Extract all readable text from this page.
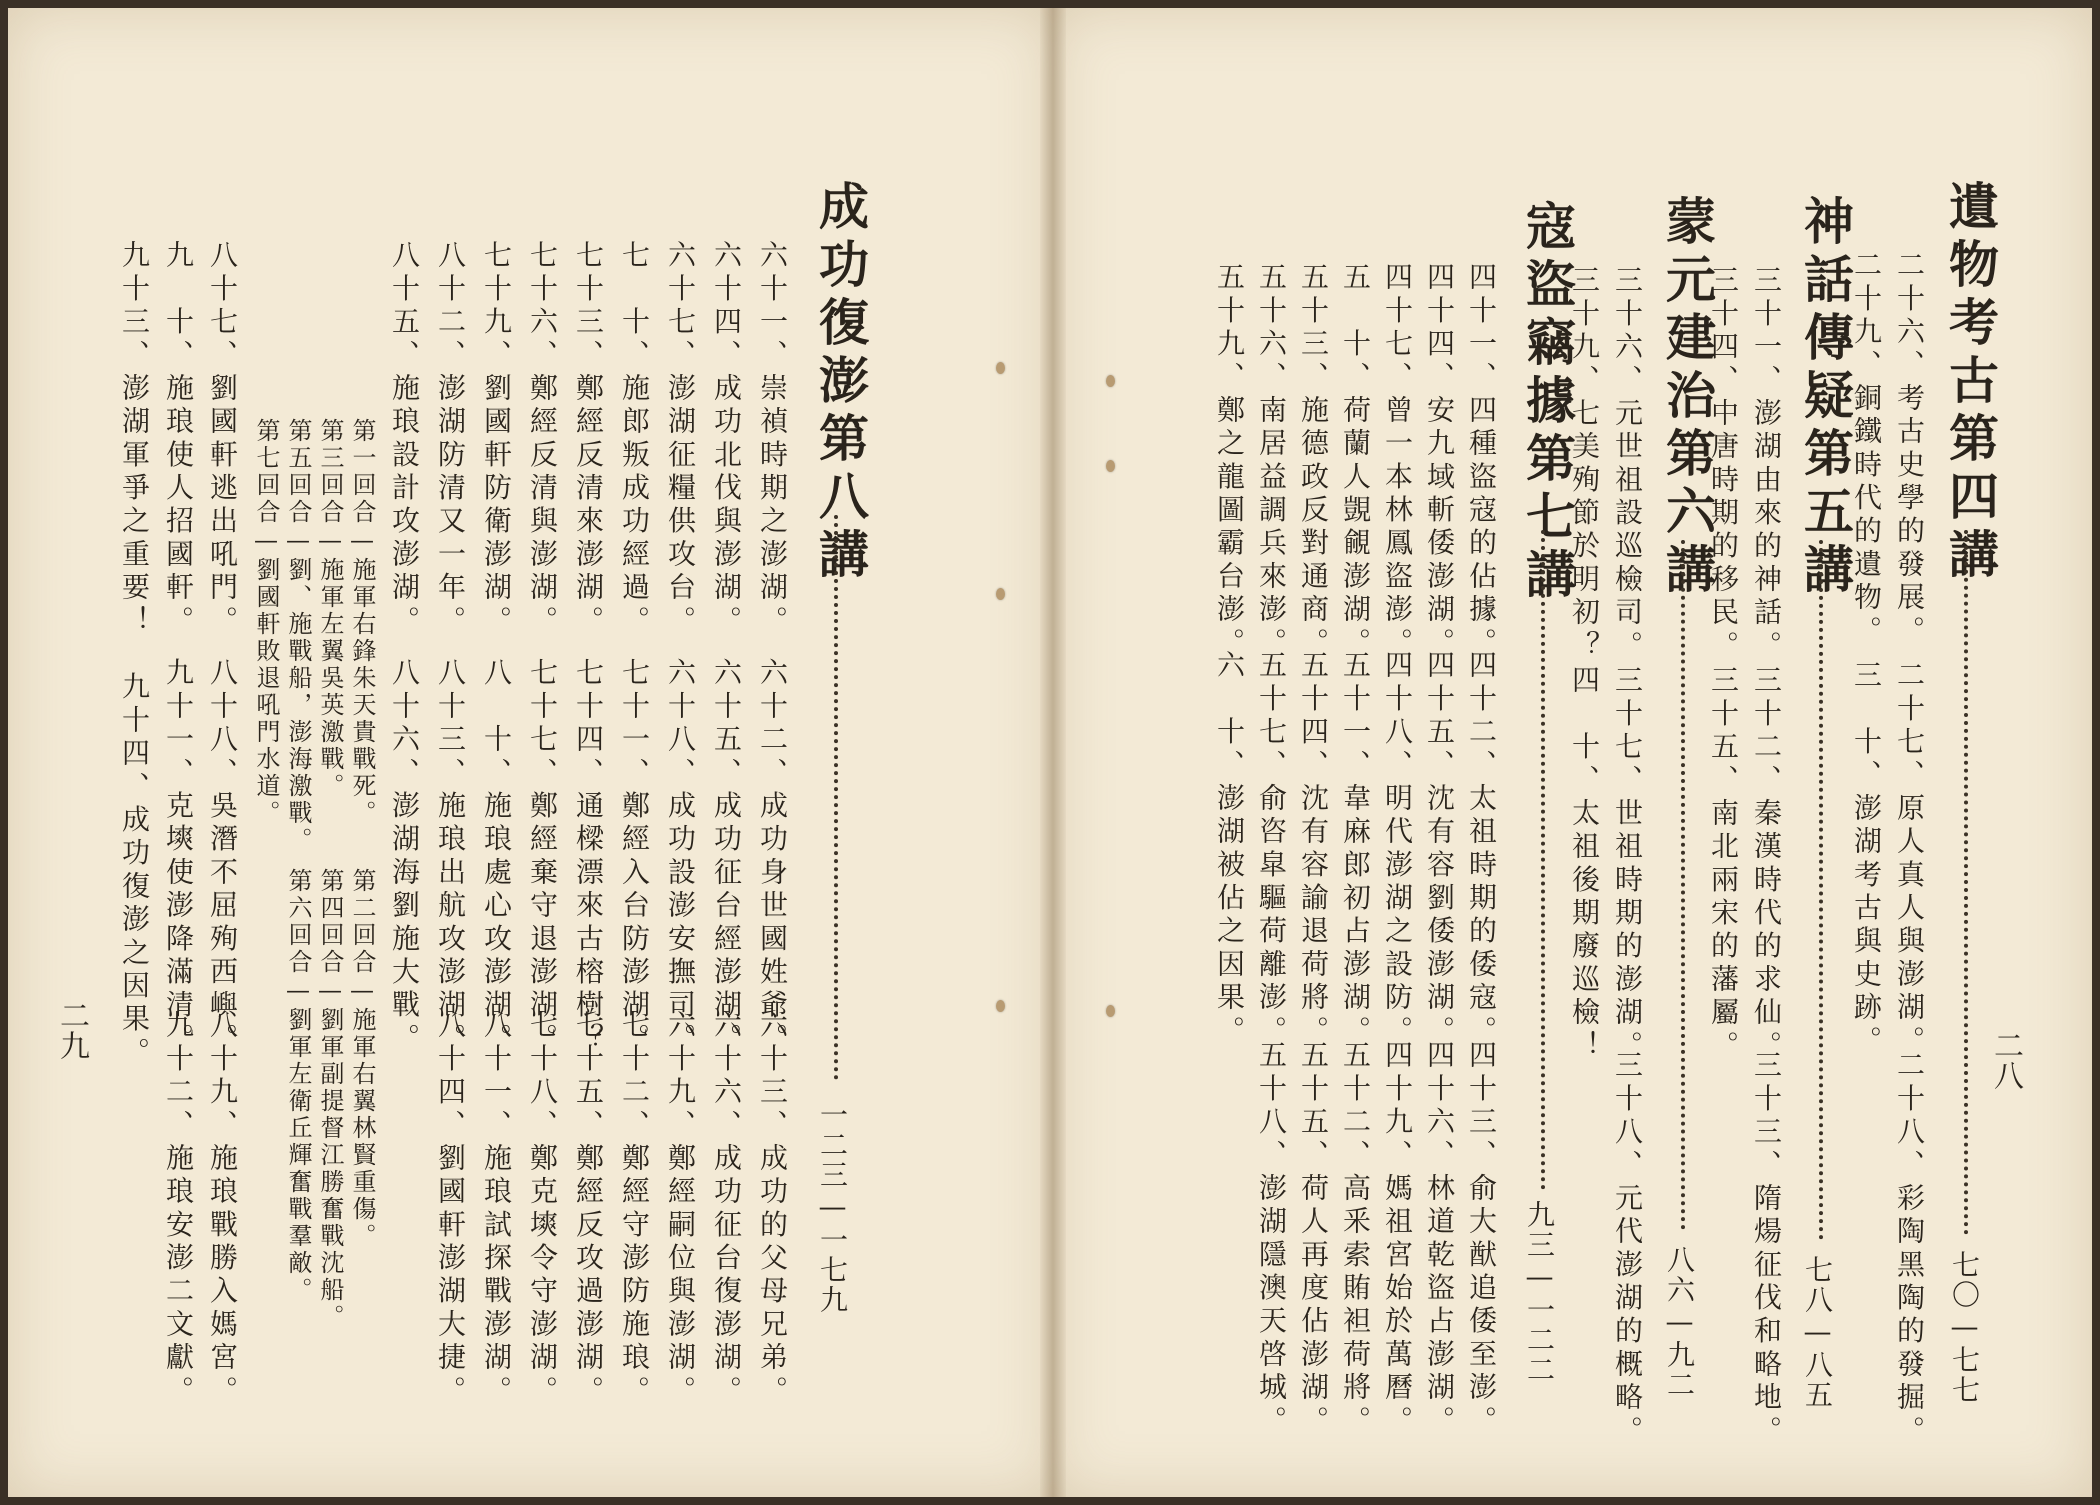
成功復澎第八講
一二三—一七九
六十一、崇禎時期之澎湖。　六十二、成功身世國姓爺。
六十四、成功北伐與澎湖。　六十五、成功征台經澎湖。
六十七、澎湖征糧供攻台。　六十八、成功設澎安撫司。
七　十、施郎叛成功經過。　七十一、鄭經入台防澎湖。
七十三、鄭經反清來澎湖。　七十四、通樑漂來古榕樹？
七十六、鄭經反清與澎湖。　七十七、鄭經棄守退澎湖。
七十九、劉國軒防衛澎湖。　八　十、施琅處心攻澎湖。
八十二、澎湖防清又一年。　八十三、施琅出航攻澎湖。
八十五、施琅設計攻澎湖。　八十六、澎湖海劉施大戰。
六十三、成功的父母兄弟。
六十六、成功征台復澎湖。
六十九、鄭經嗣位與澎湖。
七十二、鄭經守澎防施琅。
七十五、鄭經反攻過澎湖。
七十八、鄭克塽令守澎湖。
八十一、施琅試探戰澎湖。
八十四、劉國軒澎湖大捷。
第一回合—施軍右鋒朱天貴戰死。
第三回合—施軍左翼吳英激戰。
第五回合—劉、施戰船，澎海激戰。
第七回合—劉國軒敗退吼門水道。
第二回合—施軍右翼林賢重傷。
第四回合—劉軍副提督江勝奮戰沈船。
第六回合—劉軍左衛丘輝奮戰羣敵。
八十七、劉國軒逃出吼門。　八十八、吳潛不屈殉西嶼。
九　十、施琅使人招國軒。　九十一、克塽使澎降滿清。
九十三、澎湖軍爭之重要！　九十四、成功復澎之因果。
八十九、施琅戰勝入媽宮。
九十二、施琅安澎二文獻。
二九
遺物考古第四講
七〇—七七
二十六、考古史學的發展。
二十九、銅鐵時代的遺物。
二十七、原人真人與澎湖。
三　十、澎湖考古與史跡。
二十八、彩陶黑陶的發掘。
神話傳疑第五講
七八—八五
三十一、澎湖由來的神話。
三十四、中唐時期的移民。
三十二、秦漢時代的求仙。
三十五、南北兩宋的藩屬。
三十三、隋煬征伐和略地。
蒙元建治第六講
八六—九二
三十六、元世祖設巡檢司。
三十九、七美殉節於明初？
三十七、世祖時期的澎湖。
四　十、太祖後期廢巡檢！
三十八、元代澎湖的概略。
寇盜竊據第七講
九三—一二二
四十一、四種盜寇的佔據。
四十四、安九域斬倭澎湖。
四十七、曾一本林鳳盜澎。
五　十、荷蘭人覬覦澎湖。
五十三、施德政反對通商。
五十六、南居益調兵來澎。
五十九、鄭之龍圖霸台澎。
四十二、太祖時期的倭寇。
四十五、沈有容劉倭澎湖。
四十八、明代澎湖之設防。
五十一、韋麻郎初占澎湖。
五十四、沈有容諭退荷將。
五十七、俞咨皐驅荷離澎。
六　十、澎湖被佔之因果。
四十三、俞大猷追倭至澎。
四十六、林道乾盜占澎湖。
四十九、媽祖宮始於萬曆。
五十二、高釆索賄袒荷將。
五十五、荷人再度佔澎湖。
五十八、澎湖隱澳天啓城。	二八
